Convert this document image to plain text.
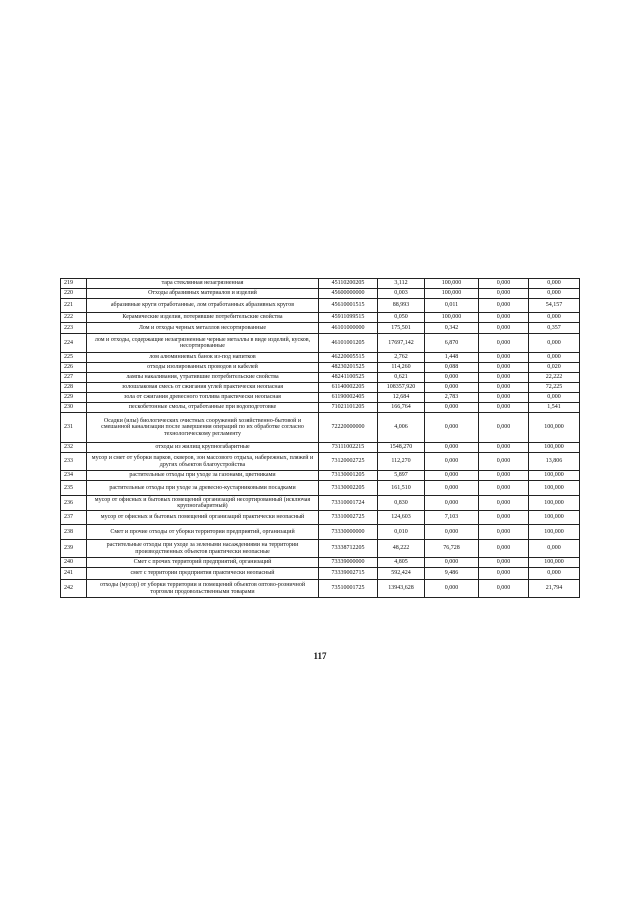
219	тара стеклянная незагрязненная	45110200205	3,112	100,000	0,000	0,000
220	Отходы абразивных материалов и изделий	45600000000	0,003	100,000	0,000	0,000
221	абразивные круги отработанные, лом отработанных абразивных кругов	45610001515	88,993	0,011	0,000	54,157
222	Керамические изделия, потерявшие потребительские свойства	45911099515	0,050	100,000	0,000	0,000
223	Лом и отходы черных металлов несортированные	46101000000	175,501	0,342	0,000	0,357
224	лом и отходы, содержащие незагрязненные черные металлы в виде изделий, кусков, несортированные	46101001205	17697,142	6,870	0,000	0,000
225	лом алюминиевых банок из-под напитков	46220005515	2,762	1,448	0,000	0,000
226	отходы изолированных проводов и кабелей	48230201525	114,260	0,088	0,000	0,020
227	лампы накаливания, утратившие потребительские свойства	48241100525	0,621	0,000	0,000	22,222
228	золошлаковая смесь от сжигания углей практически неопасная	61140002205	108357,920	0,000	0,000	72,225
229	зола от сжигания древесного топлива практически неопасная	61190002405	12,684	2,783	0,000	0,000
230	пескобетонные смолы, отработанные при водоподготовке	71021101205	166,764	0,000	0,000	1,541
231	Осадки (илы) биологических очистных сооружений хозяйственно-бытовой и смешанной канализации после завершения операций по их обработке согласно технологическому регламенту	72220000000	4,006	0,000	0,000	100,000
232	отходы из жилищ крупногабаритные	73111002215	1548,270	0,000	0,000	100,000
233	мусор и смет от уборки парков, скверов, зон массового отдыха, набережных, пляжей и других объектов благоустройства	73120002725	112,270	0,000	0,000	13,806
234	растительные отходы при уходе за газонами, цветниками	73130001205	5,897	0,000	0,000	100,000
235	растительные отходы при уходе за древесно-кустарниковыми посадками	73130002205	161,510	0,000	0,000	100,000
236	мусор от офисных и бытовых помещений организаций несортированный (исключая крупногабаритный)	73310001724	0,830	0,000	0,000	100,000
237	мусор от офисных и бытовых помещений организаций практически неопасный	73310002725	124,603	7,103	0,000	100,000
238	Смет и прочие отходы от уборки территории предприятий, организаций	73330000000	0,010	0,000	0,000	100,000
239	растительные отходы при уходе за зелеными насаждениями на территории производственных объектов практически неопасные	73338712205	48,222	76,728	0,000	0,000
240	Смет с прочих территорий предприятий, организаций	73339000000	4,805	0,000	0,000	100,000
241	смет с территории предприятия практически неопасный	73339002715	592,424	9,486	0,000	0,000
242	отходы (мусор) от уборки территории и помещений объектов оптово-розничной торговли продовольственными товарами	73510001725	13943,628	0,000	0,000	21,794
117
